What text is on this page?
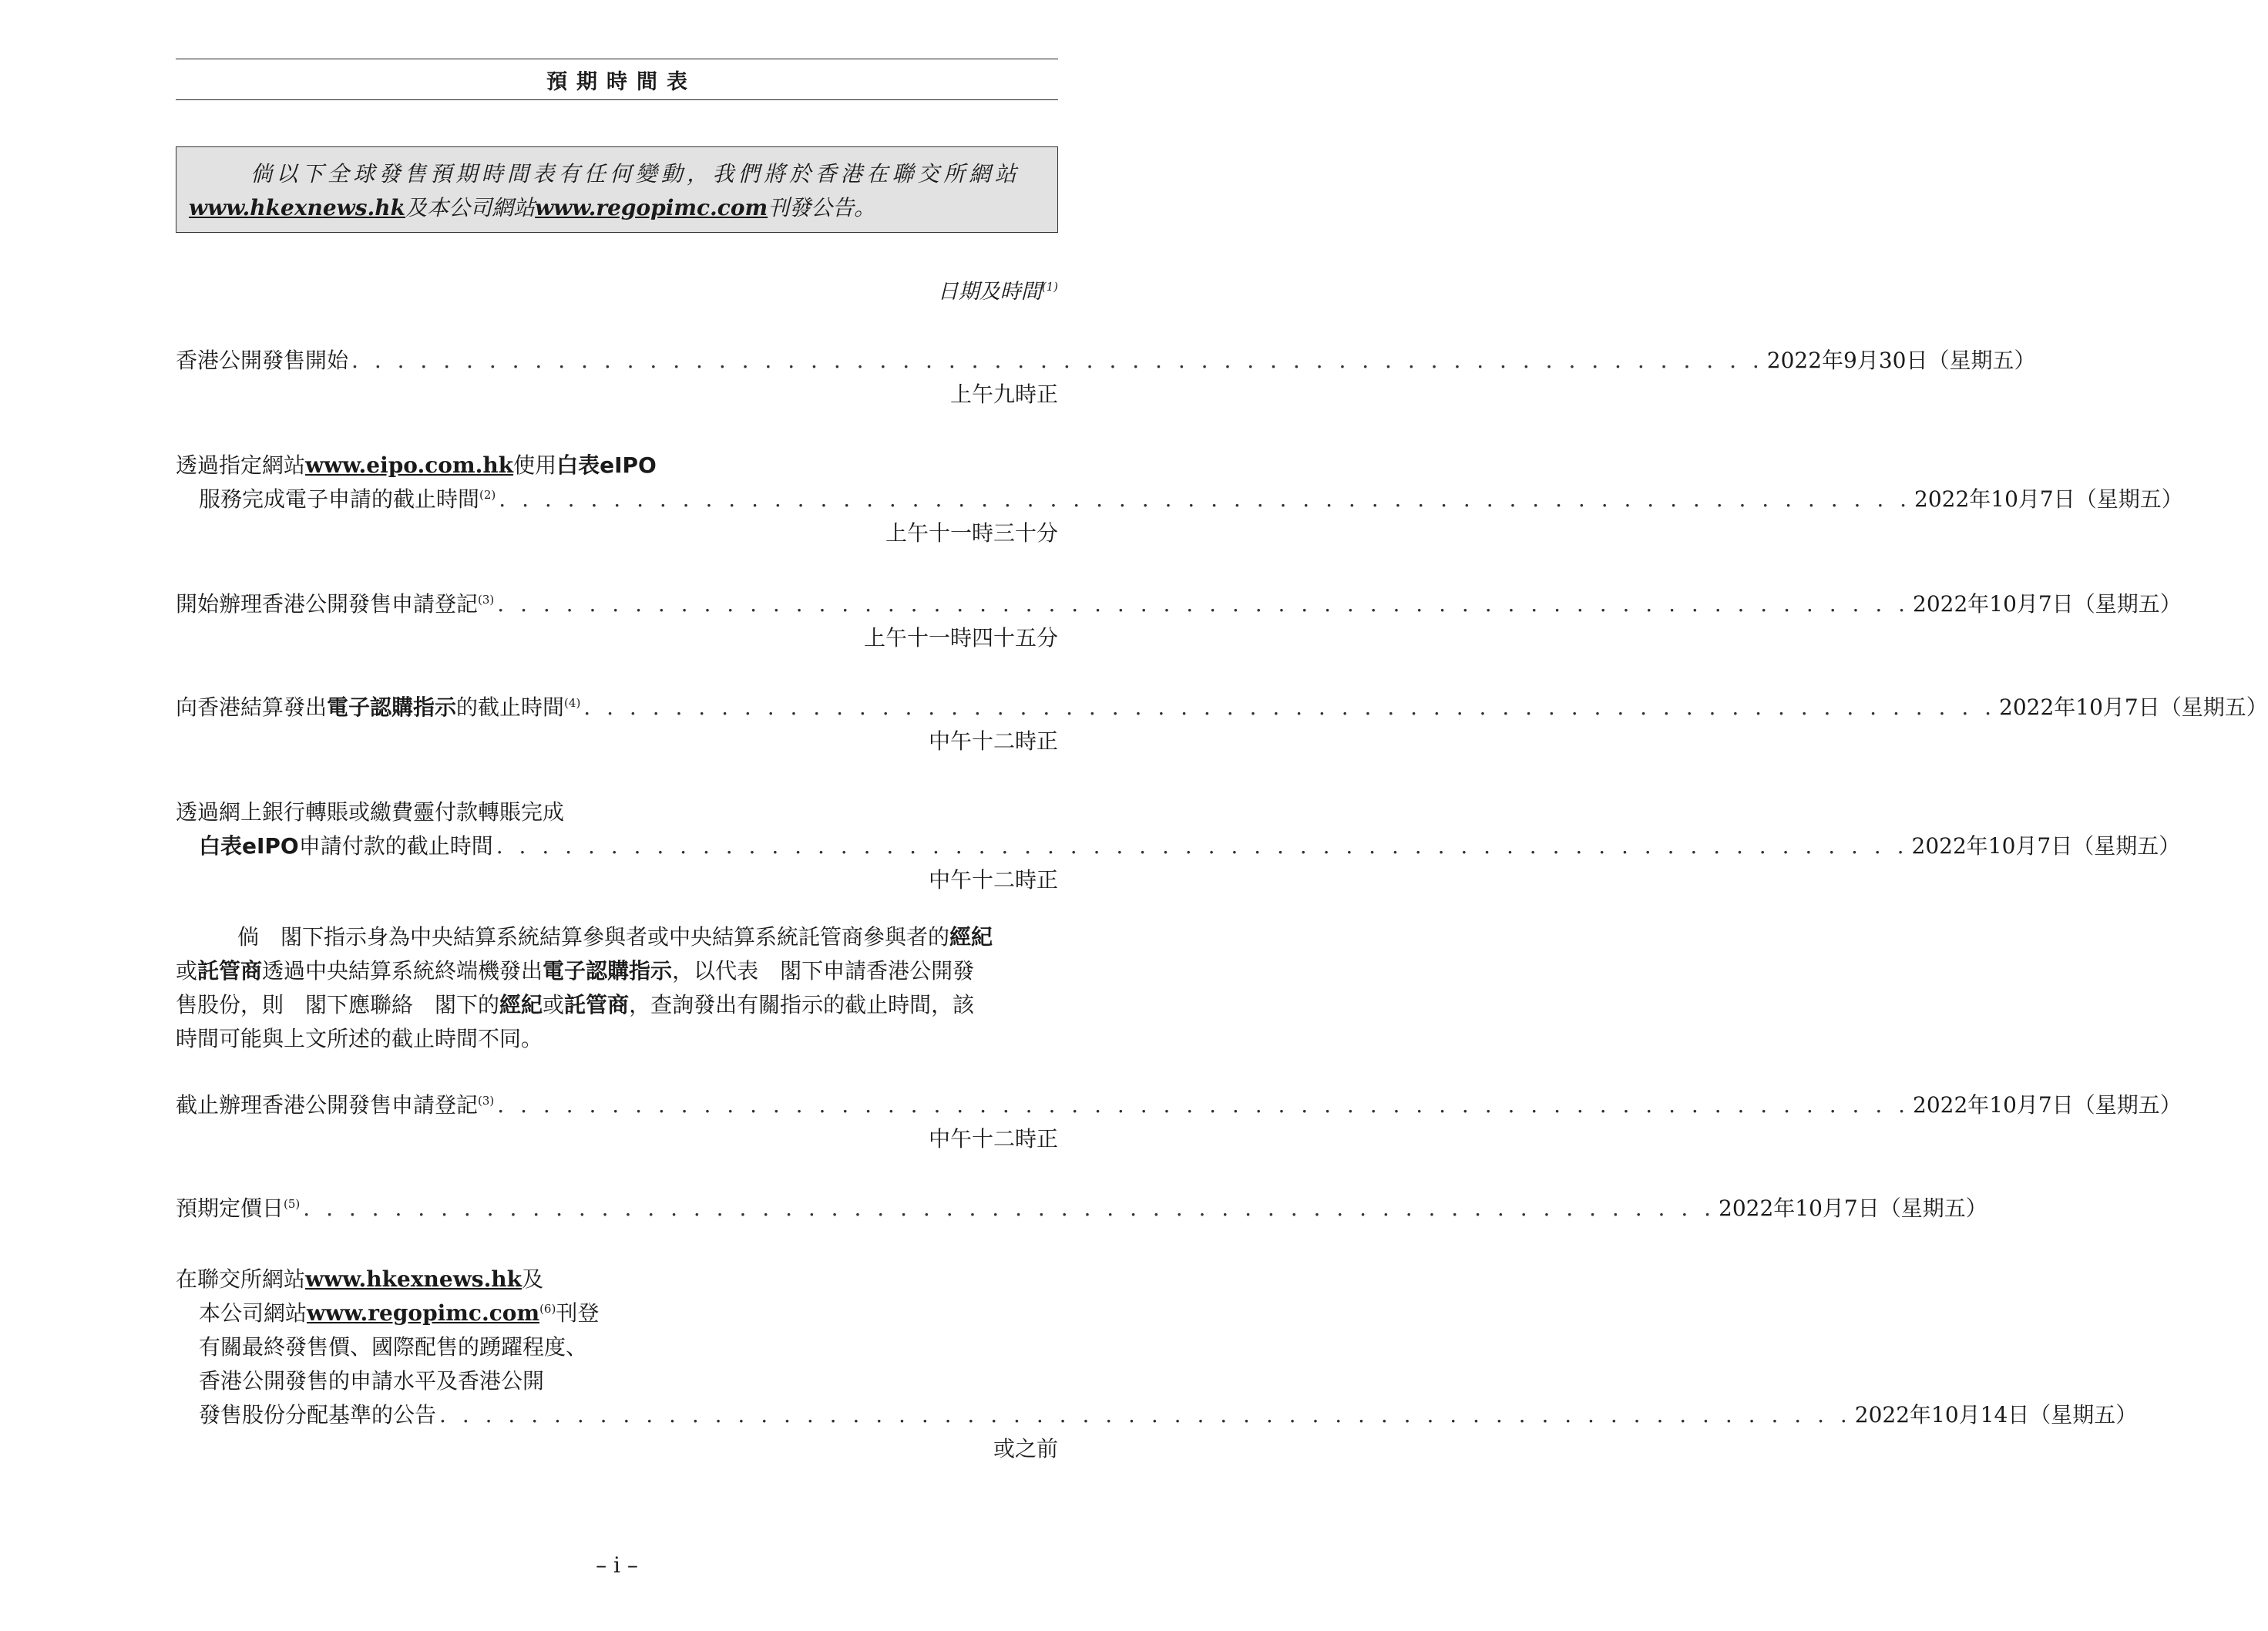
預期時間表
倘以下全球發售預期時間表有任何變動，我們將於香港在聯交所網站
www.hkexnews.hk及本公司網站www.regopimc.com刊發公告。
日期及時間$^{(1)}$
香港公開發售開始 . . . . . . . . . . . . . . . . . . . . . . . . . . . . . . . . . . . . . . . . . . . . . . . . . . . . . . . . . . . . . . 2022年9月30日（星期五）
上午九時正
透過指定網站www.eipo.com.hk使用白表eIPO
服務完成電子申請的截止時間$^{(2)}$ . . . . . . . . . . . . . . . . . . . . . . . . . . . . . . . . . . . . . . . . . . . . . . . . . . . . . . . . . . . . . . 2022年10月7日（星期五）
上午十一時三十分
開始辦理香港公開發售申請登記$^{(3)}$ . . . . . . . . . . . . . . . . . . . . . . . . . . . . . . . . . . . . . . . . . . . . . . . . . . . . . . . . . . . . . . 2022年10月7日（星期五）
上午十一時四十五分
向香港結算發出電子認購指示的截止時間$^{(4)}$ . . . . . . . . . . . . . . . . . . . . . . . . . . . . . . . . . . . . . . . . . . . . . . . . . . . . . . . . . . . . . . 2022年10月7日（星期五）
中午十二時正
透過網上銀行轉賬或繳費靈付款轉賬完成
白表eIPO申請付款的截止時間 . . . . . . . . . . . . . . . . . . . . . . . . . . . . . . . . . . . . . . . . . . . . . . . . . . . . . . . . . . . . . . 2022年10月7日（星期五）
中午十二時正
倘　閣下指示身為中央結算系統結算參與者或中央結算系統託管商參與者的經紀
或託管商透過中央結算系統終端機發出電子認購指示，以代表　閣下申請香港公開發
售股份，則　閣下應聯絡　閣下的經紀或託管商，查詢發出有關指示的截止時間，該
時間可能與上文所述的截止時間不同。
截止辦理香港公開發售申請登記$^{(3)}$ . . . . . . . . . . . . . . . . . . . . . . . . . . . . . . . . . . . . . . . . . . . . . . . . . . . . . . . . . . . . . . 2022年10月7日（星期五）
中午十二時正
預期定價日$^{(5)}$ . . . . . . . . . . . . . . . . . . . . . . . . . . . . . . . . . . . . . . . . . . . . . . . . . . . . . . . . . . . . . . 2022年10月7日（星期五）
在聯交所網站www.hkexnews.hk及
本公司網站www.regopimc.com$^{(6)}$刊登
有關最終發售價、國際配售的踴躍程度、
香港公開發售的申請水平及香港公開
發售股份分配基準的公告 . . . . . . . . . . . . . . . . . . . . . . . . . . . . . . . . . . . . . . . . . . . . . . . . . . . . . . . . . . . . . . 2022年10月14日（星期五）
或之前
– i –
